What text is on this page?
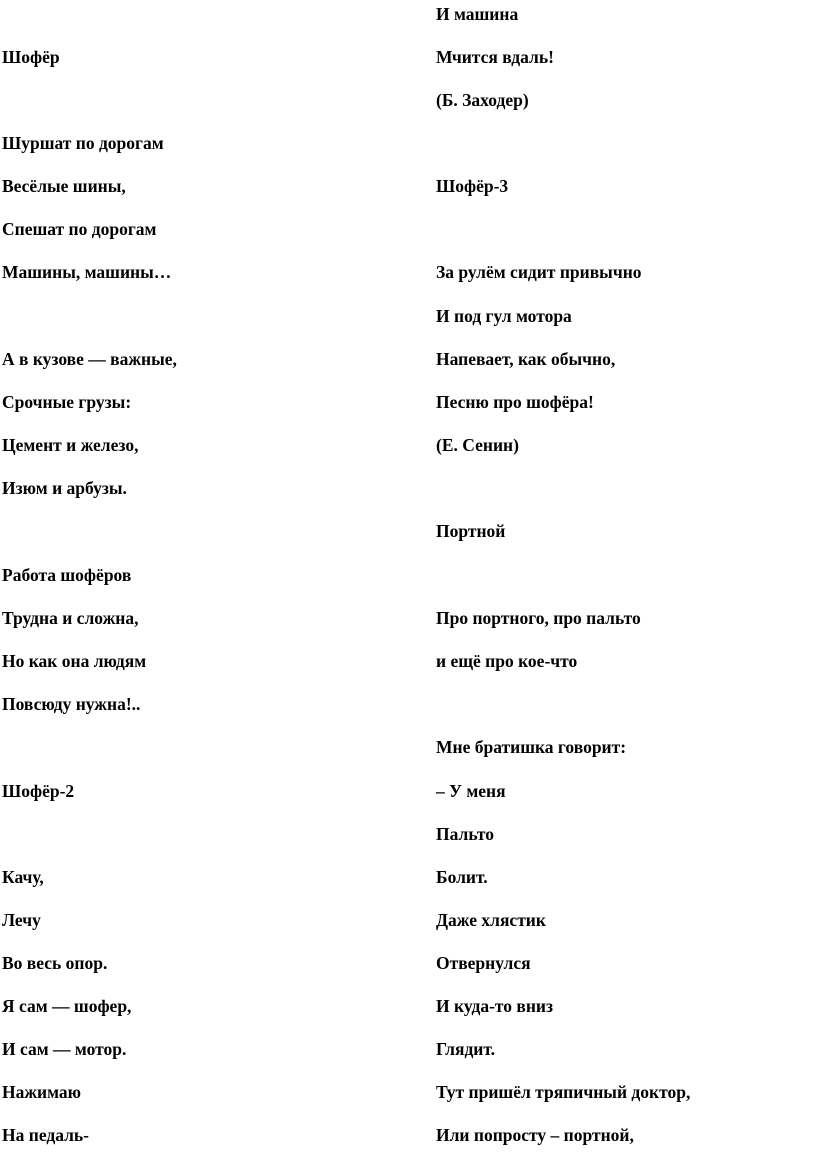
Шофёр
Шуршат по дорогам
Весёлые шины,
Спешат по дорогам
Машины, машины…
А в кузове — важные,
Срочные грузы:
Цемент и железо,
Изюм и арбузы.
Работа шофёров
Трудна и сложна,
Но как она людям
Повсюду нужна!..
Шофёр-2
Качу,
Лечу
Во весь опор.
Я сам — шофер,
И сам — мотор.
Нажимаю
На педаль-
И машина
Мчится вдаль!
(Б. Заходер)
Шофёр-3
За рулём сидит привычно
И под гул мотора
Напевает, как обычно,
Песню про шофёра!
(Е. Сенин)
Портной
Про портного, про пальто
и ещё про кое-что
Мне братишка говорит:
– У меня
Пальто
Болит.
Даже хлястик
Отвернулся
И куда-то вниз
Глядит.
Тут пришёл тряпичный доктор,
Или попросту – портной,
